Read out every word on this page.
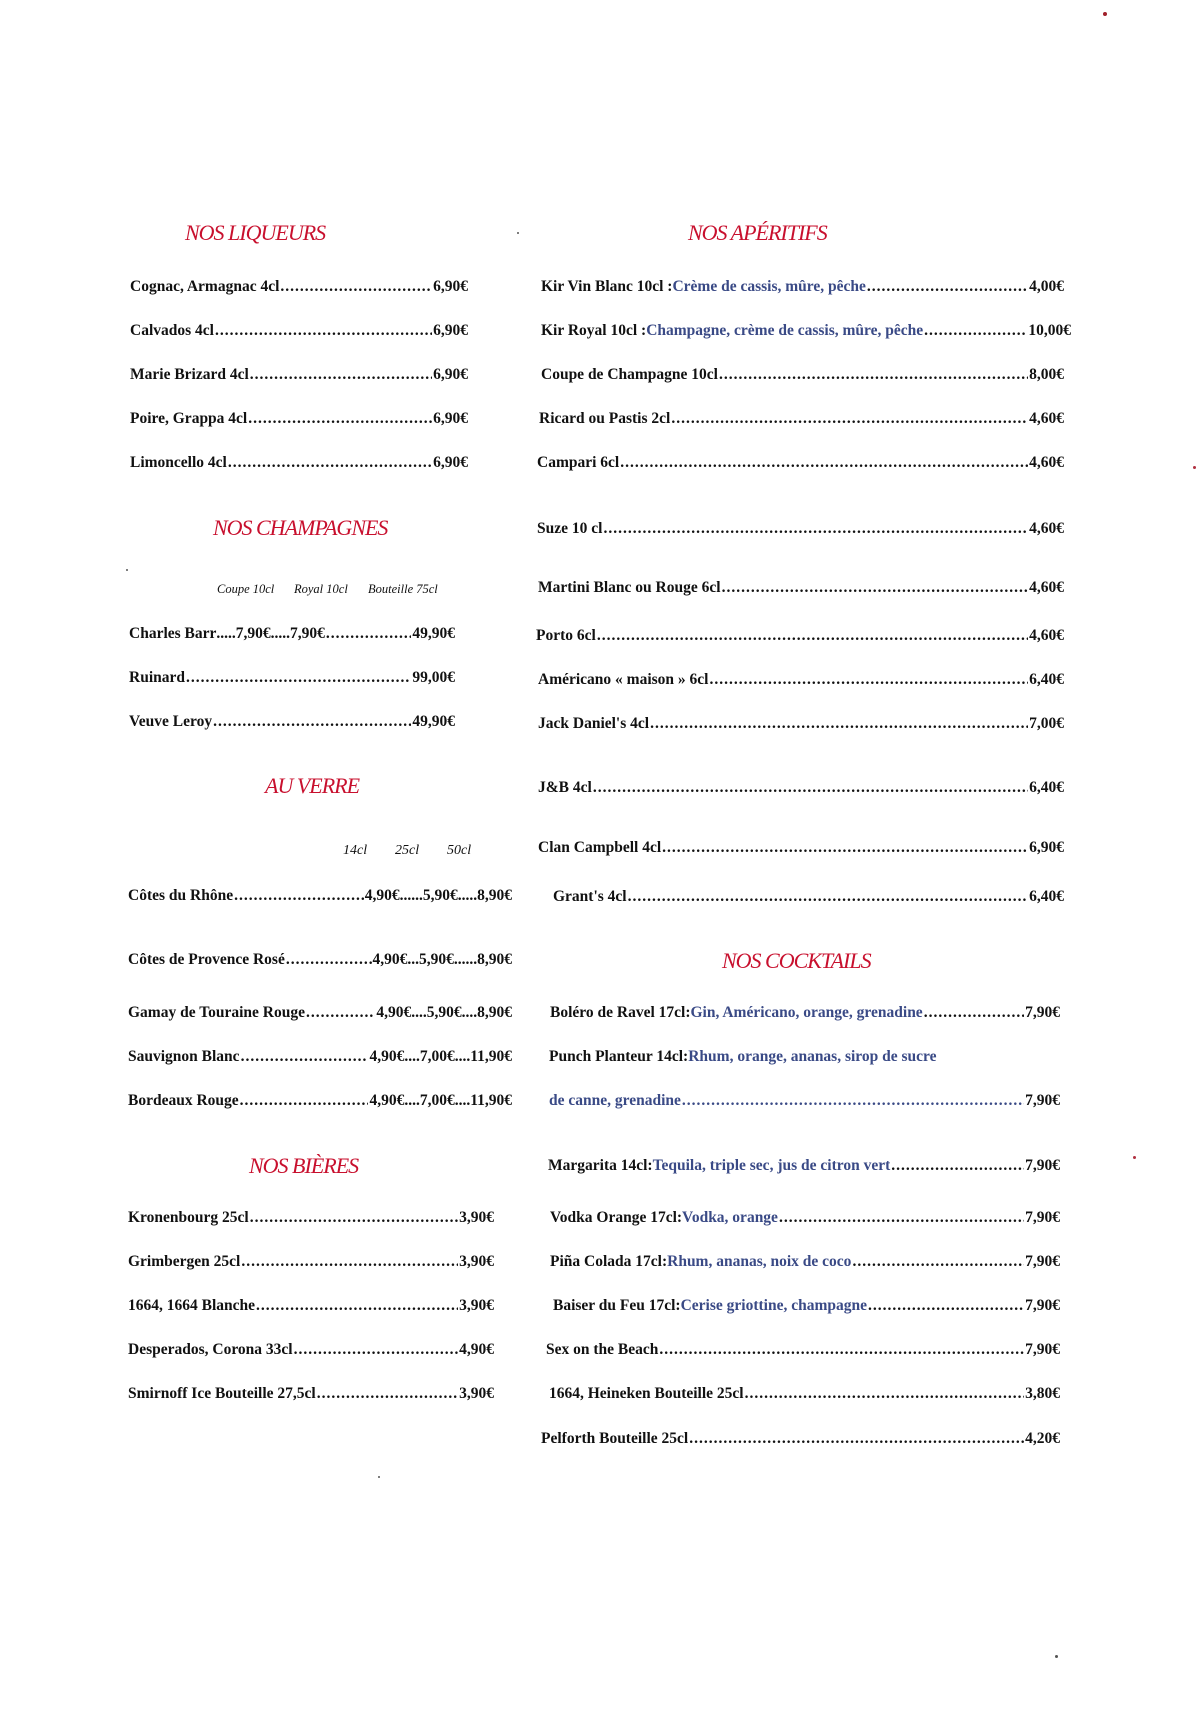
NOS LIQUEURS
Cognac, Armagnac 4cl .....	6,90€
Calvados 4cl .....	6,90€
Marie Brizard 4cl .....	6,90€
Poire, Grappa 4cl .....	6,90€
Limoncello 4cl .....	6,90€
NOS CHAMPAGNES
Coupe 10cl Royal 10cl Bouteille 75cl
Charles Barr ..... 7,90€ ..... 7,90€ .....	49,90€
Ruinard .....	99,00€
Veuve Leroy .....	49,90€
AU VERRE
14cl 25cl 50cl
Côtes du Rhône .....	4,90€ ...... 5,90€ ..... 8,90€
Côtes de Provence Rosé .....	4,90€ ... 5,90€ ...... 8,90€
Gamay de Touraine Rouge .....	4,90€ .... 5,90€ .... 8,90€
Sauvignon Blanc .....	4,90€ .... 7,00€ .... 11,90€
Bordeaux Rouge .....	4,90€ .... 7,00€ .... 11,90€
NOS BIÈRES
Kronenbourg 25cl .....	3,90€
Grimbergen 25cl .....	3,90€
1664, 1664 Blanche .....	3,90€
Desperados, Corona 33cl .....	4,90€
Smirnoff Ice Bouteille 27,5cl .....	3,90€
NOS APÉRITIFS
Kir Vin Blanc 10cl : Crème de cassis, mûre, pêche .....	4,00€
Kir Royal 10cl : Champagne, crème de cassis, mûre, pêche .....	10,00€
Coupe de Champagne 10cl .....	8,00€
Ricard ou Pastis 2cl .....	4,60€
Campari 6cl .....	4,60€
Suze 10 cl .....	4,60€
Martini Blanc ou Rouge 6cl .....	4,60€
Porto 6cl .....	4,60€
Américano « maison » 6cl .....	6,40€
Jack Daniel's 4cl .....	7,00€
J&B 4cl .....	6,40€
Clan Campbell 4cl .....	6,90€
Grant's 4cl .....	6,40€
NOS COCKTAILS
Boléro de Ravel 17cl: Gin, Américano, orange, grenadine .....	7,90€
Punch Planteur 14cl: Rhum, orange, ananas, sirop de sucre
de canne, grenadine .....	7,90€
Margarita 14cl: Tequila, triple sec, jus de citron vert .....	7,90€
Vodka Orange 17cl: Vodka, orange .....	7,90€
Piña Colada 17cl: Rhum, ananas, noix de coco .....	7,90€
Baiser du Feu 17cl: Cerise griottine, champagne .....	7,90€
Sex on the Beach .....	7,90€
1664, Heineken Bouteille 25cl .....	3,80€
Pelforth Bouteille 25cl .....	4,20€
